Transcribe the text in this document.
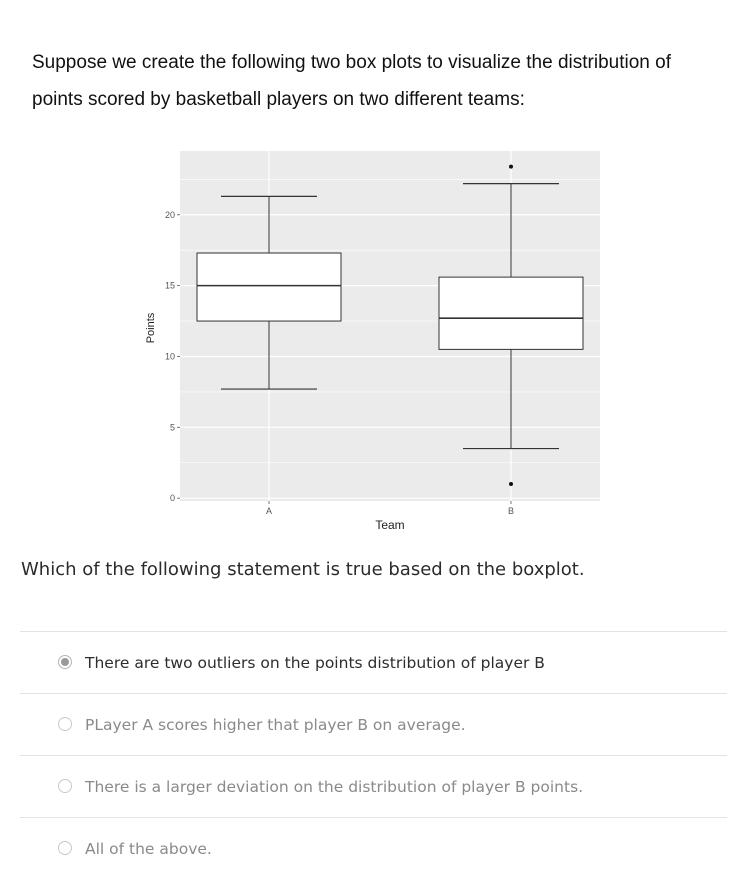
Suppose we create the following two box plots to visualize the distribution of points scored by basketball players on two different teams:
0
5
10
15
20
A	B
Points
Team
Which of the following statement is true based on the boxplot.
There are two outliers on the points distribution of player B
PLayer A scores higher that player B on average.
There is a larger deviation on the distribution of player B points.
All of the above.
